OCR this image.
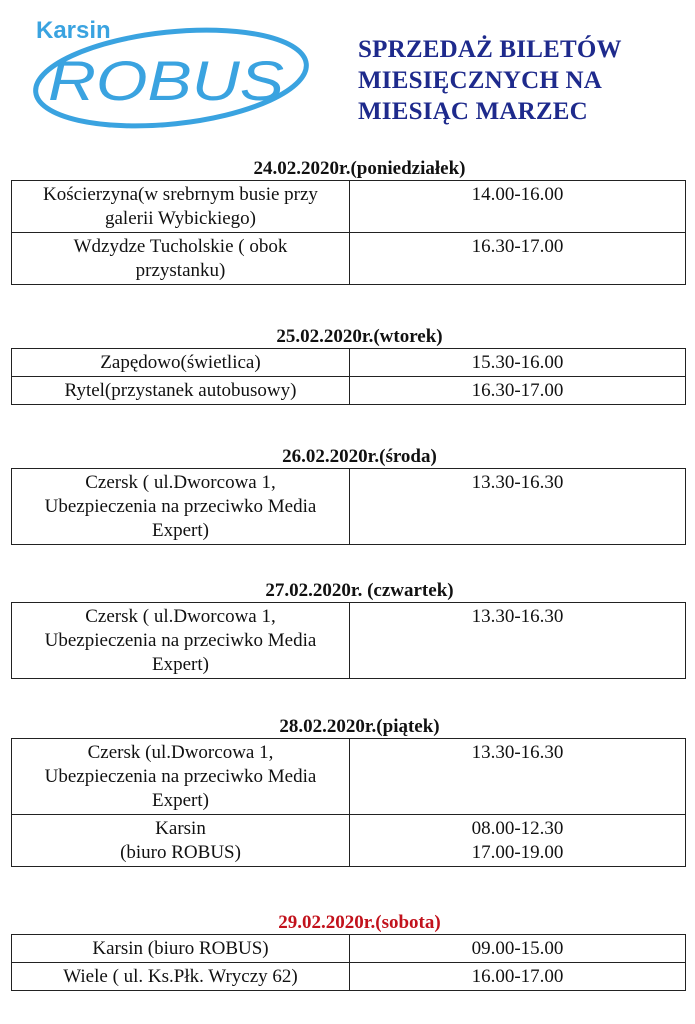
Karsin
ROBUS	SPRZEDAŻ BILETÓW
MIESIĘCZNYCH NA
MIESIĄC MARZEC
24.02.2020r.(poniedziałek)
Kościerzyna(w srebrnym busie przy
galerii Wybickiego)	14.00-16.00

Wdzydze Tucholskie ( obok
przystanku)	16.30-17.00
25.02.2020r.(wtorek)
Zapędowo(świetlica)	15.30-16.00

Rytel(przystanek autobusowy)	16.30-17.00
26.02.2020r.(środa)
Czersk ( ul.Dworcowa 1,
Ubezpieczenia na przeciwko Media
Expert)

13.30-16.30
27.02.2020r. (czwartek)
Czersk ( ul.Dworcowa 1,
Ubezpieczenia na przeciwko Media
Expert)

13.30-16.30
28.02.2020r.(piątek)
Czersk (ul.Dworcowa 1,
Ubezpieczenia na przeciwko Media
Expert)	13.30-16.30

Karsin
(biuro ROBUS)	08.00-12.30
17.00-19.00
29.02.2020r.(sobota)
Karsin (biuro ROBUS)	09.00-15.00

Wiele ( ul. Ks.Płk. Wryczy 62)	16.00-17.00
